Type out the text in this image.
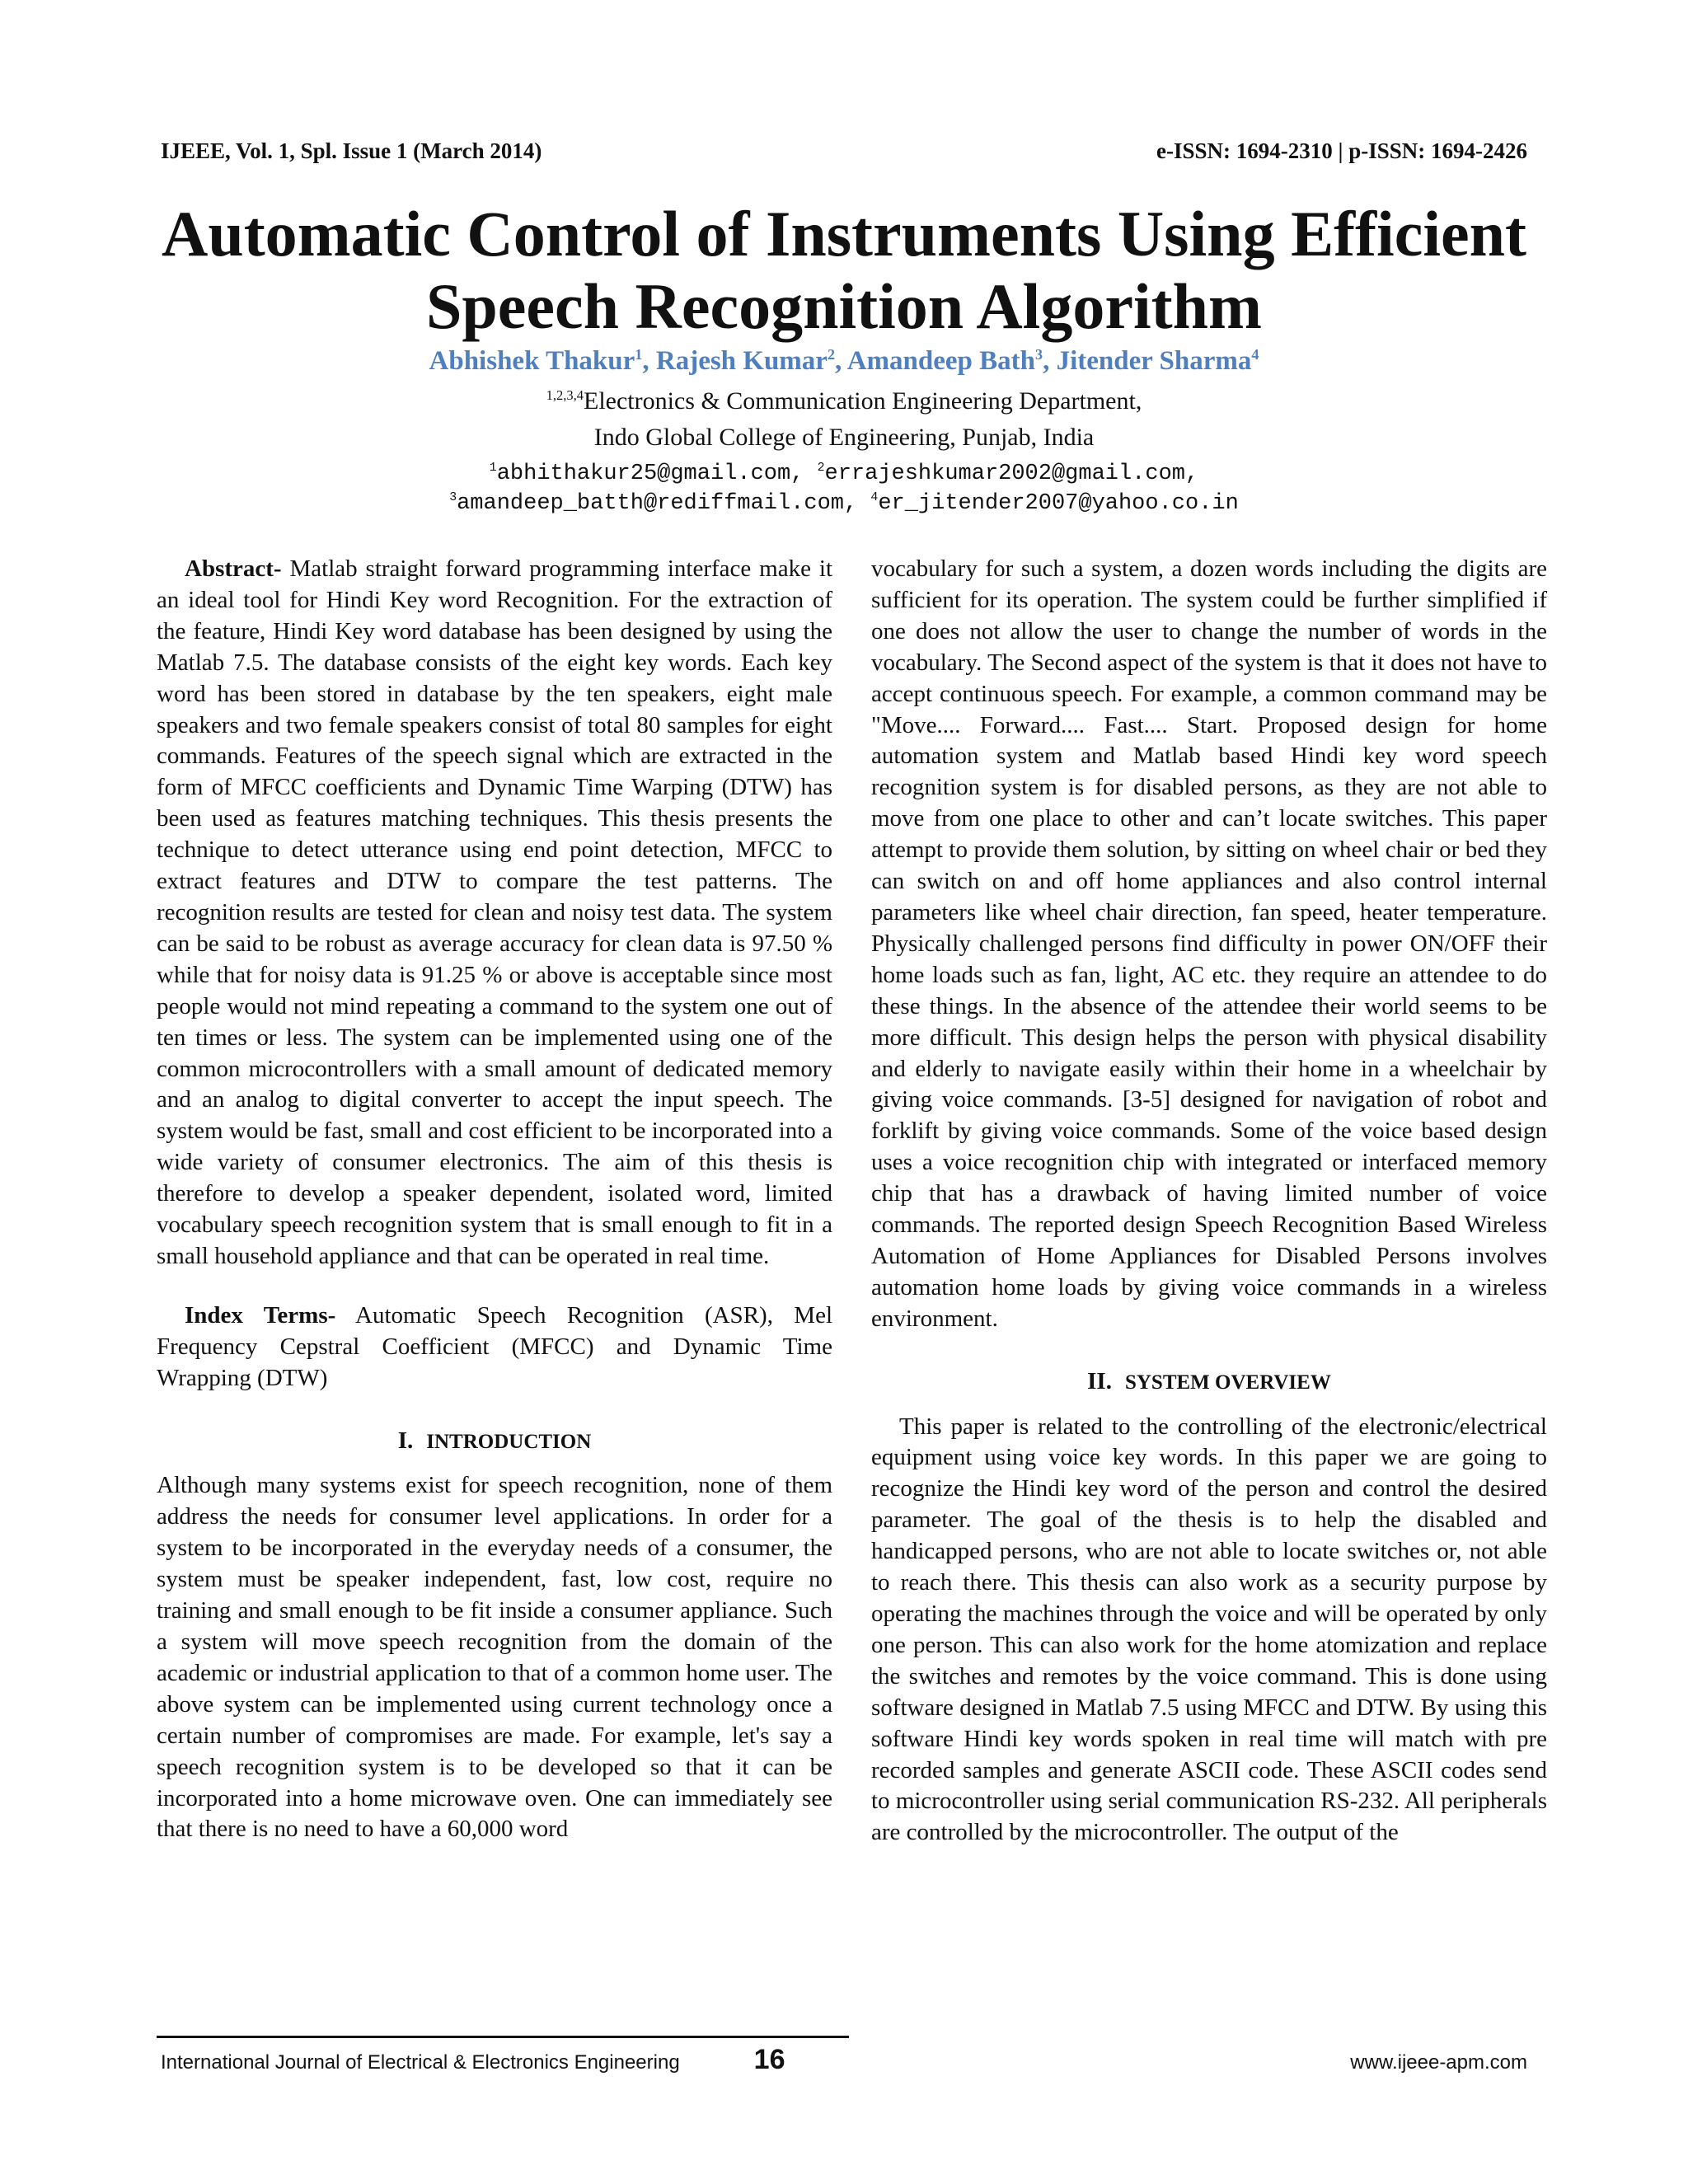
IJEEE, Vol. 1, Spl. Issue 1 (March 2014)	e-ISSN: 1694-2310 | p-ISSN: 1694-2426
Automatic Control of Instruments Using Efficient
Speech Recognition Algorithm
Abhishek Thakur$^1$, Rajesh Kumar$^2$, Amandeep Bath$^3$, Jitender Sharma$^4$
$^{1,2,3,4}$Electronics & Communication Engineering Department,
Indo Global College of Engineering, Punjab, India
$^1$abhithakur25@gmail.com, $^2$errajeshkumar2002@gmail.com,
$^3$amandeep_batth@rediffmail.com, $^4$er_jitender2007@yahoo.co.in

Abstract- Matlab straight forward programming interface make it an ideal tool for Hindi Key word Recognition. For the extraction of the feature, Hindi Key word database has been designed by using the Matlab 7.5. The database consists of the eight key words. Each key word has been stored in database by the ten speakers, eight male speakers and two female speakers consist of total 80 samples for eight commands. Features of the speech signal which are extracted in the form of MFCC coefficients and Dynamic Time Warping (DTW) has been used as features matching techniques. This thesis presents the technique to detect utterance using end point detection, MFCC to extract features and DTW to compare the test patterns. The recognition results are tested for clean and noisy test data. The system can be said to be robust as average accuracy for clean data is 97.50 % while that for noisy data is 91.25 % or above is acceptable since most people would not mind repeating a command to the system one out of ten times or less. The system can be implemented using one of the common microcontrollers with a small amount of dedicated memory and an analog to digital converter to accept the input speech. The system would be fast, small and cost efficient to be incorporated into a wide variety of consumer electronics. The aim of this thesis is therefore to develop a speaker dependent, isolated word, limited vocabulary speech recognition system that is small enough to fit in a small household appliance and that can be operated in real time.

Index Terms- Automatic Speech Recognition (ASR), Mel Frequency Cepstral Coefficient (MFCC) and Dynamic Time Wrapping (DTW)

I. INTRODUCTION

Although many systems exist for speech recognition, none of them address the needs for consumer level applications. In order for a system to be incorporated in the everyday needs of a consumer, the system must be speaker independent, fast, low cost, require no training and small enough to be fit inside a consumer appliance. Such a system will move speech recognition from the domain of the academic or industrial application to that of a common home user. The above system can be implemented using current technology once a certain number of compromises are made. For example, let's say a speech recognition system is to be developed so that it can be incorporated into a home microwave oven. One can immediately see that there is no need to have a 60,000 word

vocabulary for such a system, a dozen words including the digits are sufficient for its operation. The system could be further simplified if one does not allow the user to change the number of words in the vocabulary. The Second aspect of the system is that it does not have to accept continuous speech. For example, a common command may be "Move.... Forward.... Fast.... Start. Proposed design for home automation system and Matlab based Hindi key word speech recognition system is for disabled persons, as they are not able to move from one place to other and can’t locate switches. This paper attempt to provide them solution, by sitting on wheel chair or bed they can switch on and off home appliances and also control internal parameters like wheel chair direction, fan speed, heater temperature. Physically challenged persons find difficulty in power ON/OFF their home loads such as fan, light, AC etc. they require an attendee to do these things. In the absence of the attendee their world seems to be more difficult. This design helps the person with physical disability and elderly to navigate easily within their home in a wheelchair by giving voice commands. [3-5] designed for navigation of robot and forklift by giving voice commands. Some of the voice based design uses a voice recognition chip with integrated or interfaced memory chip that has a drawback of having limited number of voice commands. The reported design Speech Recognition Based Wireless Automation of Home Appliances for Disabled Persons involves automation home loads by giving voice commands in a wireless environment.

II. SYSTEM OVERVIEW

This paper is related to the controlling of the electronic/electrical equipment using voice key words. In this paper we are going to recognize the Hindi key word of the person and control the desired parameter. The goal of the thesis is to help the disabled and handicapped persons, who are not able to locate switches or, not able to reach there. This thesis can also work as a security purpose by operating the machines through the voice and will be operated by only one person. This can also work for the home atomization and replace the switches and remotes by the voice command. This is done using software designed in Matlab 7.5 using MFCC and DTW. By using this software Hindi key words spoken in real time will match with pre recorded samples and generate ASCII code. These ASCII codes send to microcontroller using serial communication RS-232. All peripherals are controlled by the microcontroller. The output of the

International Journal of Electrical & Electronics Engineering	16	www.ijeee-apm.com
